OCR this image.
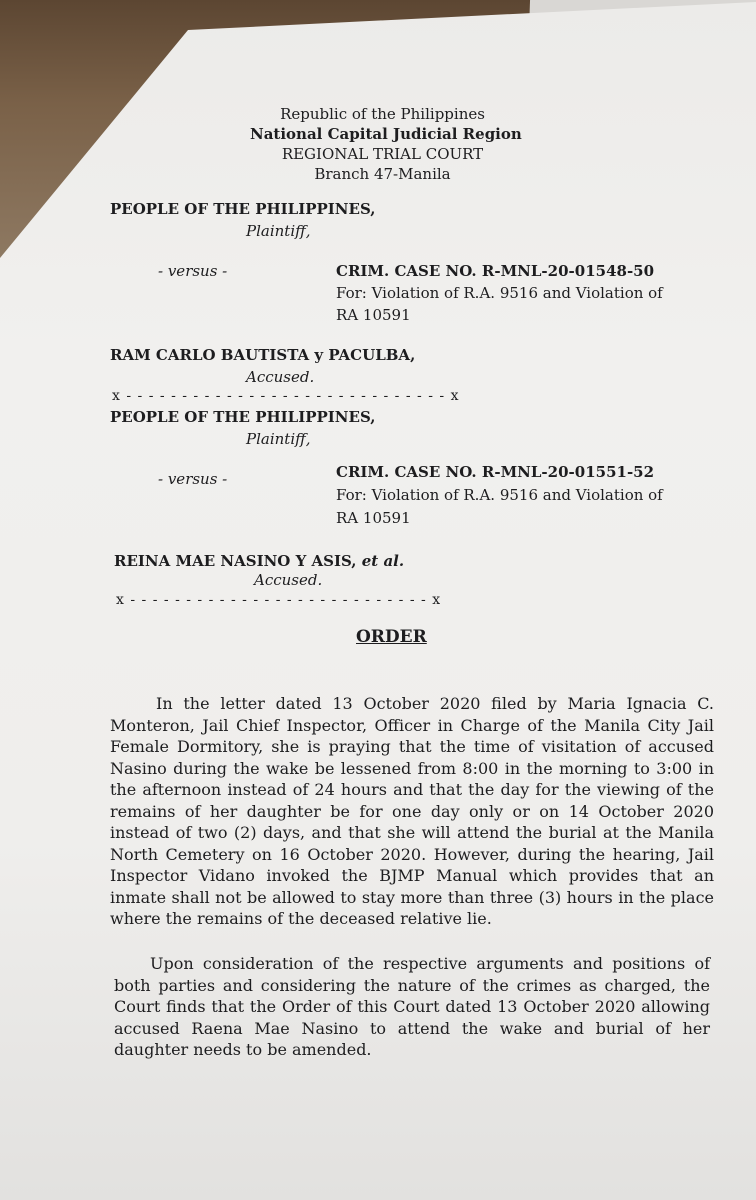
Republic of the Philippines
National Capital Judicial Region
REGIONAL TRIAL COURT
Branch 47-Manila
PEOPLE OF THE PHILIPPINES,
Plaintiff,
- versus -	CRIM. CASE NO. R-MNL-20-01548-50
For: Violation of R.A. 9516 and Violation of
RA 10591
RAM CARLO BAUTISTA y PACULBA,
Accused.
x - - - - - - - - - - - - - - - - - - - - - - - - - - - - - x
PEOPLE OF THE PHILIPPINES,
Plaintiff,
- versus -	CRIM. CASE NO. R-MNL-20-01551-52
For: Violation of R.A. 9516 and Violation of
RA 10591
REINA MAE NASINO Y ASIS, et al.
Accused.
x - - - - - - - - - - - - - - - - - - - - - - - - - - - x
ORDER
In the letter dated 13 October 2020 filed by Maria Ignacia C. Monteron, Jail Chief Inspector, Officer in Charge of the Manila City Jail Female Dormitory, she is praying that the time of visitation of accused Nasino during the wake be lessened from 8:00 in the morning to 3:00 in the afternoon instead of 24 hours and that the day for the viewing of the remains of her daughter be for one day only or on 14 October 2020 instead of two (2) days, and that she will attend the burial at the Manila North Cemetery on 16 October 2020. However, during the hearing, Jail Inspector Vidano invoked the BJMP Manual which provides that an inmate shall not be allowed to stay more than three (3) hours in the place where the remains of the deceased relative lie.
Upon consideration of the respective arguments and positions of both parties and considering the nature of the crimes as charged, the Court finds that the Order of this Court dated 13 October 2020 allowing accused Raena Mae Nasino to attend the wake and burial of her daughter needs to be amended.
